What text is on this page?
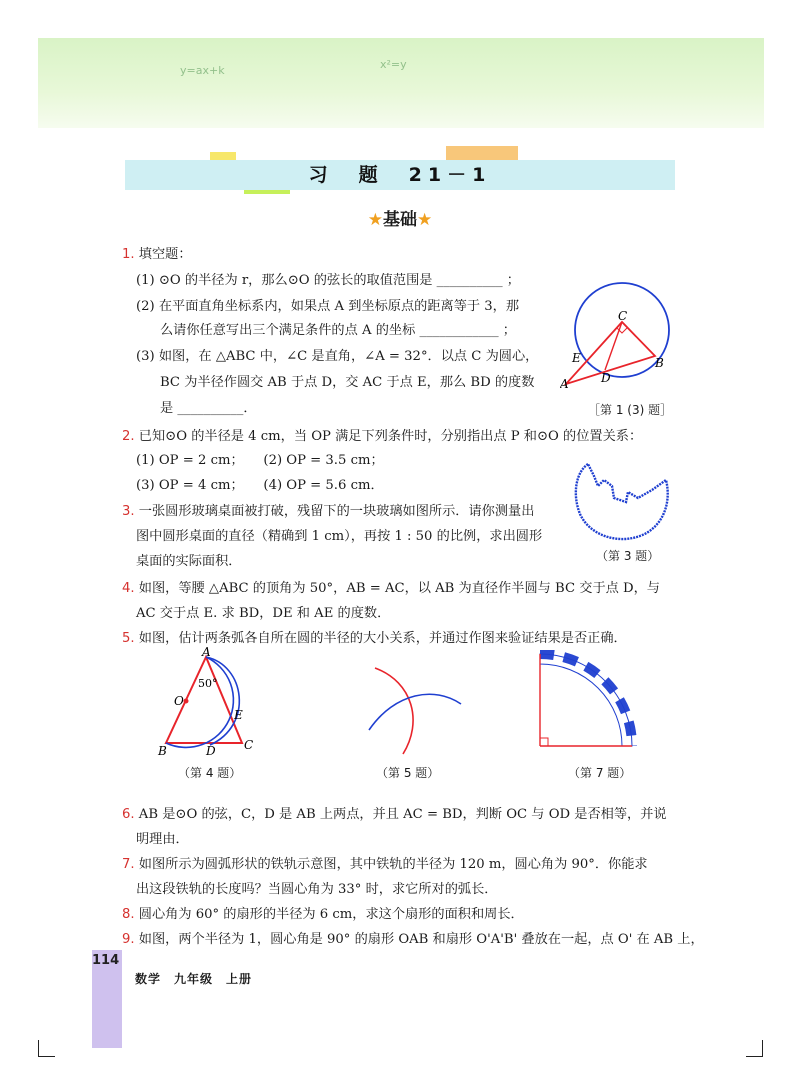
y=ax+k	x²=y
习　题　21－1
★基础★
1. 填空题：
(1) ⊙O 的半径为 r，那么⊙O 的弦长的取值范围是 __________ ；
(2) 在平面直角坐标系内，如果点 A 到坐标原点的距离等于 3，那
么请你任意写出三个满足条件的点 A 的坐标 ____________ ；
(3) 如图，在 △ABC 中，∠C 是直角，∠A = 32°．以点 C 为圆心，
BC 为半径作圆交 AB 于点 D，交 AC 于点 E，那么 BD 的度数
是 __________．
C
B
D
E
A
［第 1 (3) 题］
2. 已知⊙O 的半径是 4 cm，当 OP 满足下列条件时，分别指出点 P 和⊙O 的位置关系：
(1) OP = 2 cm；　　(2) OP = 3.5 cm；
(3) OP = 4 cm；　　(4) OP = 5.6 cm．
（第 3 题）
3. 一张圆形玻璃桌面被打破，残留下的一块玻璃如图所示．请你测量出
图中圆形桌面的直径（精确到 1 cm），再按 1 : 50 的比例，求出圆形
桌面的实际面积．
4. 如图，等腰 △ABC 的顶角为 50°，AB = AC，以 AB 为直径作半圆与 BC 交于点 D，与
AC 交于点 E. 求 BD，DE 和 AE 的度数．
5. 如图，估计两条弧各自所在圆的半径的大小关系，并通过作图来验证结果是否正确．
A
50°
O
E
B	D C
（第 4 题）	（第 5 题）	（第 7 题）
6. AB 是⊙O 的弦，C，D 是 AB 上两点，并且 AC = BD，判断 OC 与 OD 是否相等，并说
明理由．
7. 如图所示为圆弧形状的铁轨示意图，其中铁轨的半径为 120 m，圆心角为 90°．你能求
出这段铁轨的长度吗？当圆心角为 33° 时，求它所对的弧长．
8. 圆心角为 60° 的扇形的半径为 6 cm，求这个扇形的面积和周长．
9. 如图，两个半径为 1，圆心角是 90° 的扇形 OAB 和扇形 O'A'B' 叠放在一起，点 O' 在 AB 上，
114
数学　九年级　上册
